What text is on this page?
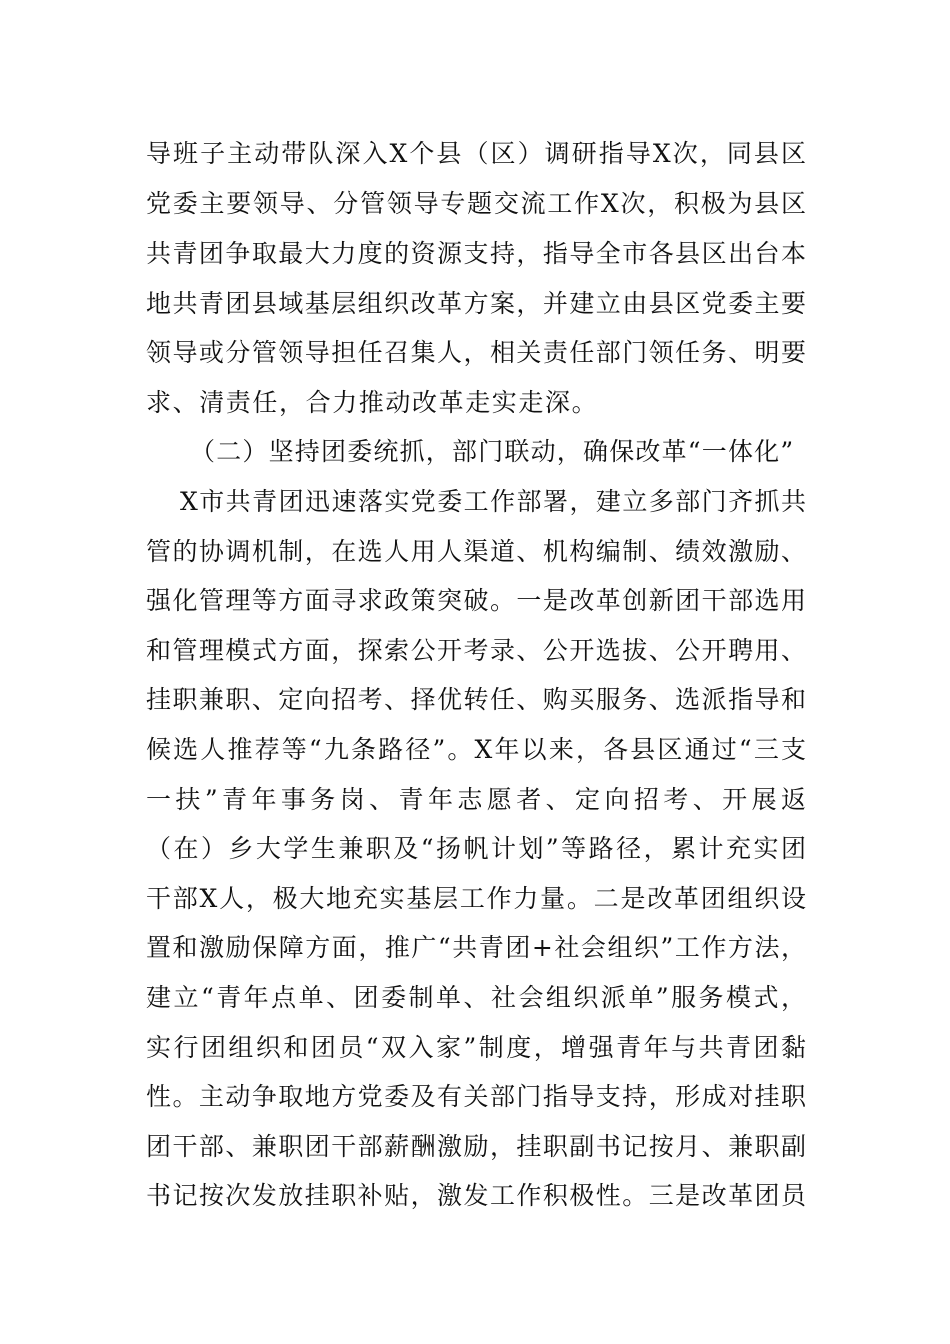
导班子主动带队深入X个县（区）调研指导X次，同县区
党委主要领导、分管领导专题交流工作X次，积极为县区
共青团争取最大力度的资源支持，指导全市各县区出台本
地共青团县域基层组织改革方案，并建立由县区党委主要
领导或分管领导担任召集人，相关责任部门领任务、明要
求、清责任，合力推动改革走实走深。
（二）坚持团委统抓，部门联动，确保改革“一体化”
X市共青团迅速落实党委工作部署，建立多部门齐抓共
管的协调机制，在选人用人渠道、机构编制、绩效激励、
强化管理等方面寻求政策突破。一是改革创新团干部选用
和管理模式方面，探索公开考录、公开选拔、公开聘用、
挂职兼职、定向招考、择优转任、购买服务、选派指导和
候选人推荐等“九条路径”。X年以来，各县区通过“三支
一扶”青年事务岗、青年志愿者、定向招考、开展返
（在）乡大学生兼职及“扬帆计划”等路径，累计充实团
干部X人，极大地充实基层工作力量。二是改革团组织设
置和激励保障方面，推广“共青团+社会组织”工作方法，
建立“青年点单、团委制单、社会组织派单”服务模式，
实行团组织和团员“双入家”制度，增强青年与共青团黏
性。主动争取地方党委及有关部门指导支持，形成对挂职
团干部、兼职团干部薪酬激励，挂职副书记按月、兼职副
书记按次发放挂职补贴，激发工作积极性。三是改革团员
